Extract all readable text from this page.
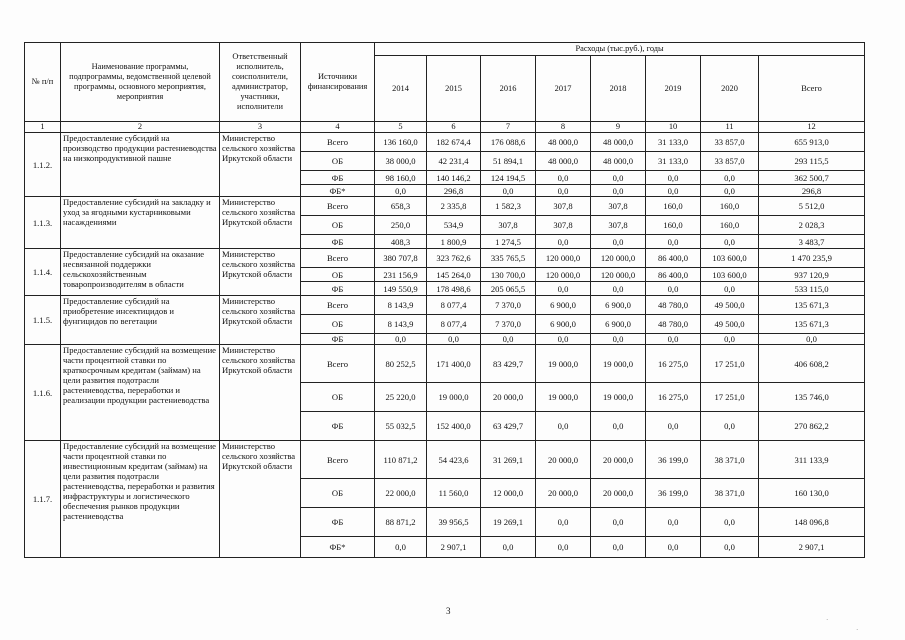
№ п/п	Наименование программы, подпрограммы, ведомственной целевой программы, основного мероприятия, мероприятия	Ответственный исполнитель, соисполнители, администратор, участники, исполнители	Источники финансирования	Расходы (тыс.руб.), годы							
				2014	2015	2016	2017	2018	2019	2020	Всего
1	2	3	4	5	6	7	8	9	10	11	12
1.1.2.	Предоставление субсидий на производство продукции растениеводства на низкопродуктивной пашне	Министерство сельского хозяйства Иркутской области	Всего	136 160,0	182 674,4	176 088,6	48 000,0	48 000,0	31 133,0	33 857,0	655 913,0
			ОБ	38 000,0	42 231,4	51 894,1	48 000,0	48 000,0	31 133,0	33 857,0	293 115,5
			ФБ	98 160,0	140 146,2	124 194,5	0,0	0,0	0,0	0,0	362 500,7
			ФБ*	0,0	296,8	0,0	0,0	0,0	0,0	0,0	296,8
1.1.3.	Предоставление субсидий на закладку и уход за ягодными кустарниковыми насаждениями	Министерство сельского хозяйства Иркутской области	Всего	658,3	2 335,8	1 582,3	307,8	307,8	160,0	160,0	5 512,0
			ОБ	250,0	534,9	307,8	307,8	307,8	160,0	160,0	2 028,3
			ФБ	408,3	1 800,9	1 274,5	0,0	0,0	0,0	0,0	3 483,7
1.1.4.	Предоставление субсидий на оказание несвязанной поддержки сельскохозяйственным товаропроизводителям в области	Министерство сельского хозяйства Иркутской области	Всего	380 707,8	323 762,6	335 765,5	120 000,0	120 000,0	86 400,0	103 600,0	1 470 235,9
			ОБ	231 156,9	145 264,0	130 700,0	120 000,0	120 000,0	86 400,0	103 600,0	937 120,9
			ФБ	149 550,9	178 498,6	205 065,5	0,0	0,0	0,0	0,0	533 115,0
1.1.5.	Предоставление субсидий на приобретение инсектицидов и фунгицидов по вегетации	Министерство сельского хозяйства Иркутской области	Всего	8 143,9	8 077,4	7 370,0	6 900,0	6 900,0	48 780,0	49 500,0	135 671,3
			ОБ	8 143,9	8 077,4	7 370,0	6 900,0	6 900,0	48 780,0	49 500,0	135 671,3
			ФБ	0,0	0,0	0,0	0,0	0,0	0,0	0,0	0,0
1.1.6.	Предоставление субсидий на возмещение части процентной ставки по краткосрочным кредитам (займам) на цели развития подотрасли растениеводства, переработки и реализации продукции растениеводства	Министерство сельского хозяйства Иркутской области	Всего	80 252,5	171 400,0	83 429,7	19 000,0	19 000,0	16 275,0	17 251,0	406 608,2
			ОБ	25 220,0	19 000,0	20 000,0	19 000,0	19 000,0	16 275,0	17 251,0	135 746,0
			ФБ	55 032,5	152 400,0	63 429,7	0,0	0,0	0,0	0,0	270 862,2
1.1.7.	Предоставление субсидий на возмещение части процентной ставки по инвестиционным кредитам (займам) на цели развития подотрасли растениеводства, переработки и развития инфраструктуры и логистического обеспечения рынков продукции растениеводства	Министерство сельского хозяйства Иркутской области	Всего	110 871,2	54 423,6	31 269,1	20 000,0	20 000,0	36 199,0	38 371,0	311 133,9
			ОБ	22 000,0	11 560,0	12 000,0	20 000,0	20 000,0	36 199,0	38 371,0	160 130,0
			ФБ	88 871,2	39 956,5	19 269,1	0,0	0,0	0,0	0,0	148 096,8
			ФБ*	0,0	2 907,1	0,0	0,0	0,0	0,0	0,0	2 907,1
3
·
·
